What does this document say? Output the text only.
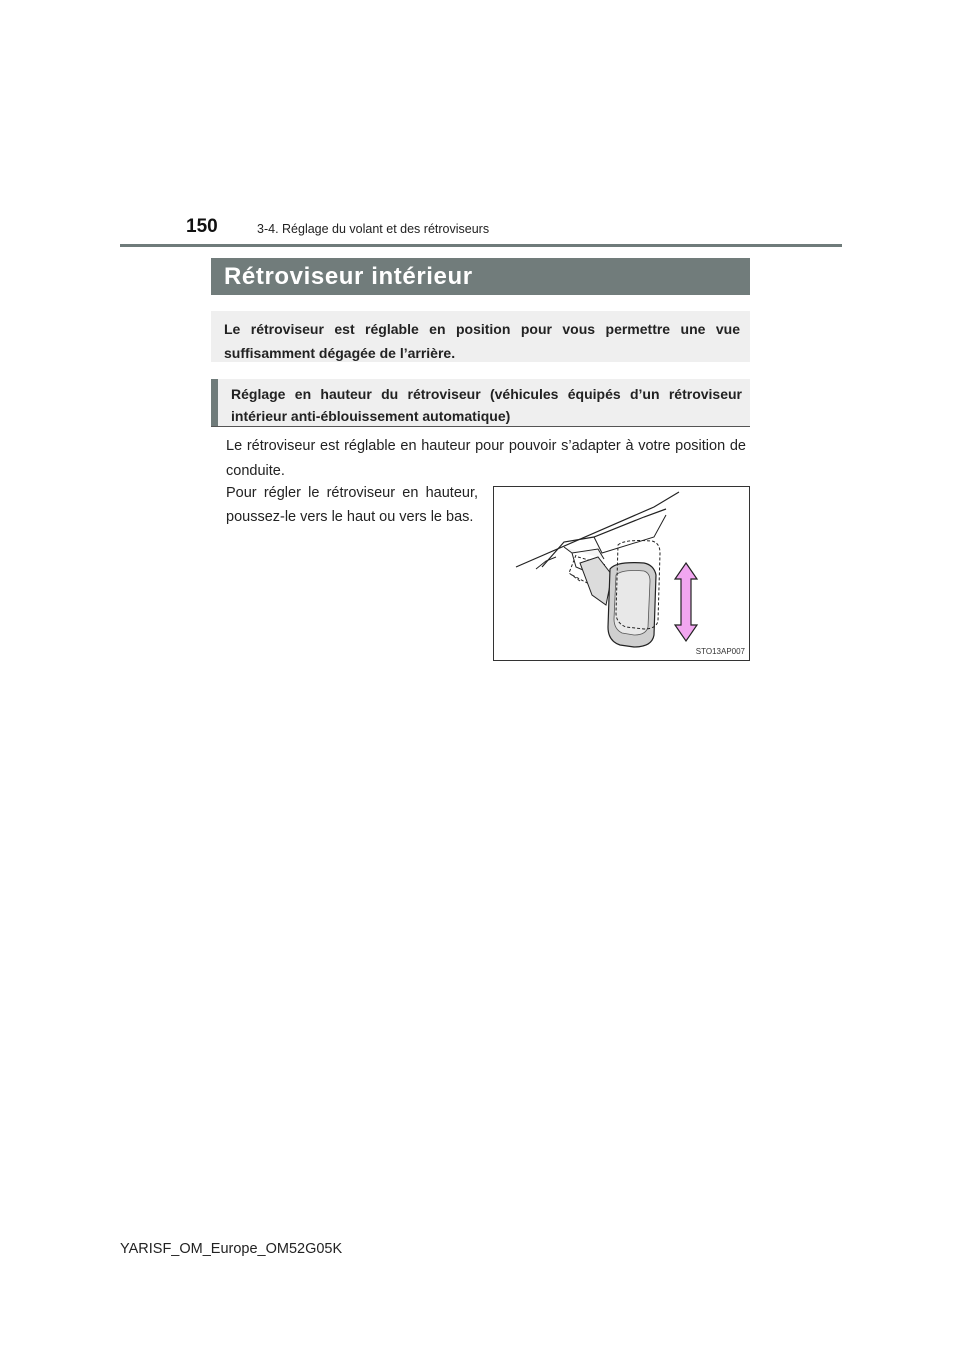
150	3-4. Réglage du volant et des rétroviseurs
Rétroviseur intérieur
Le rétroviseur est réglable en position pour vous permettre une vue suffisamment dégagée de l’arrière.
Réglage en hauteur du rétroviseur (véhicules équipés d’un rétroviseur intérieur anti-éblouissement automatique)
Le rétroviseur est réglable en hauteur pour pouvoir s’adapter à votre position de conduite.
Pour régler le rétroviseur en hauteur, poussez-le vers le haut ou vers le bas.
STO13AP007
YARISF_OM_Europe_OM52G05K
